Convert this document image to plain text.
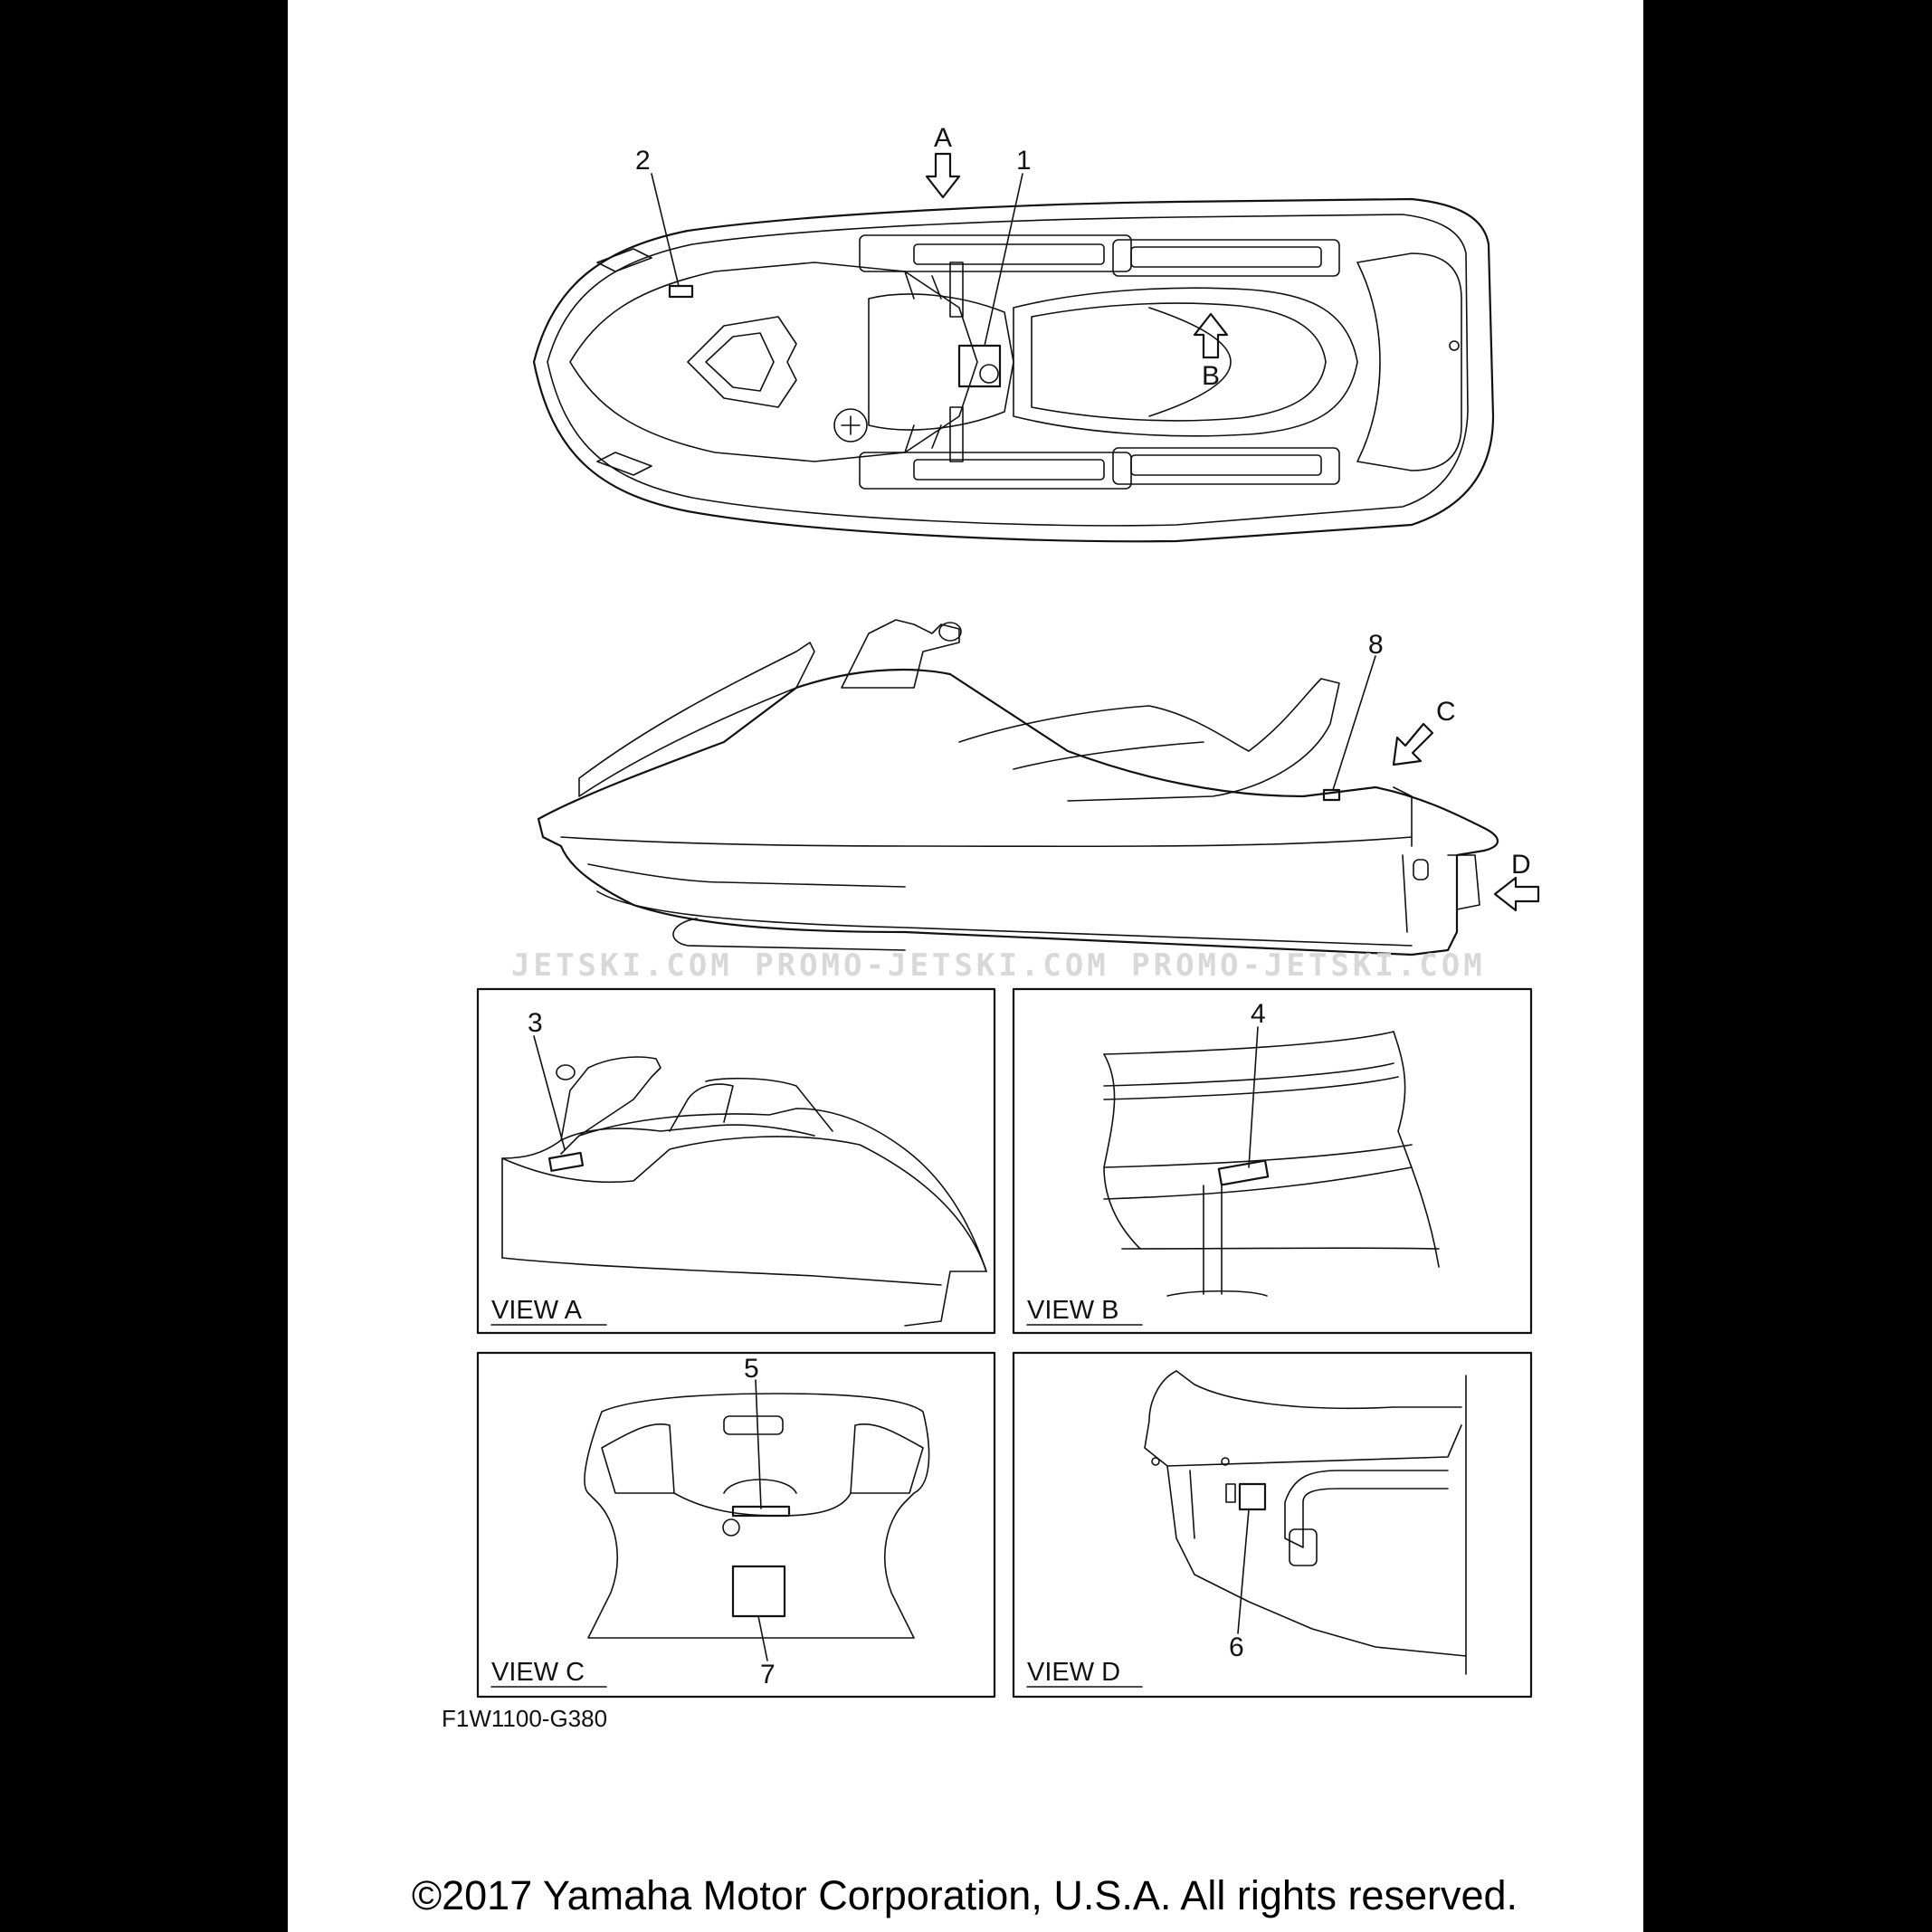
A
B
1
2
C
D
8
JETSKI.COM PROMO-JETSKI.COM PROMO-JETSKI.COM
VIEW A
3
VIEW B
4
VIEW C
5
7	VIEW D
6
F1W1100-G380
©2017 Yamaha Motor Corporation, U.S.A. All rights reserved.
